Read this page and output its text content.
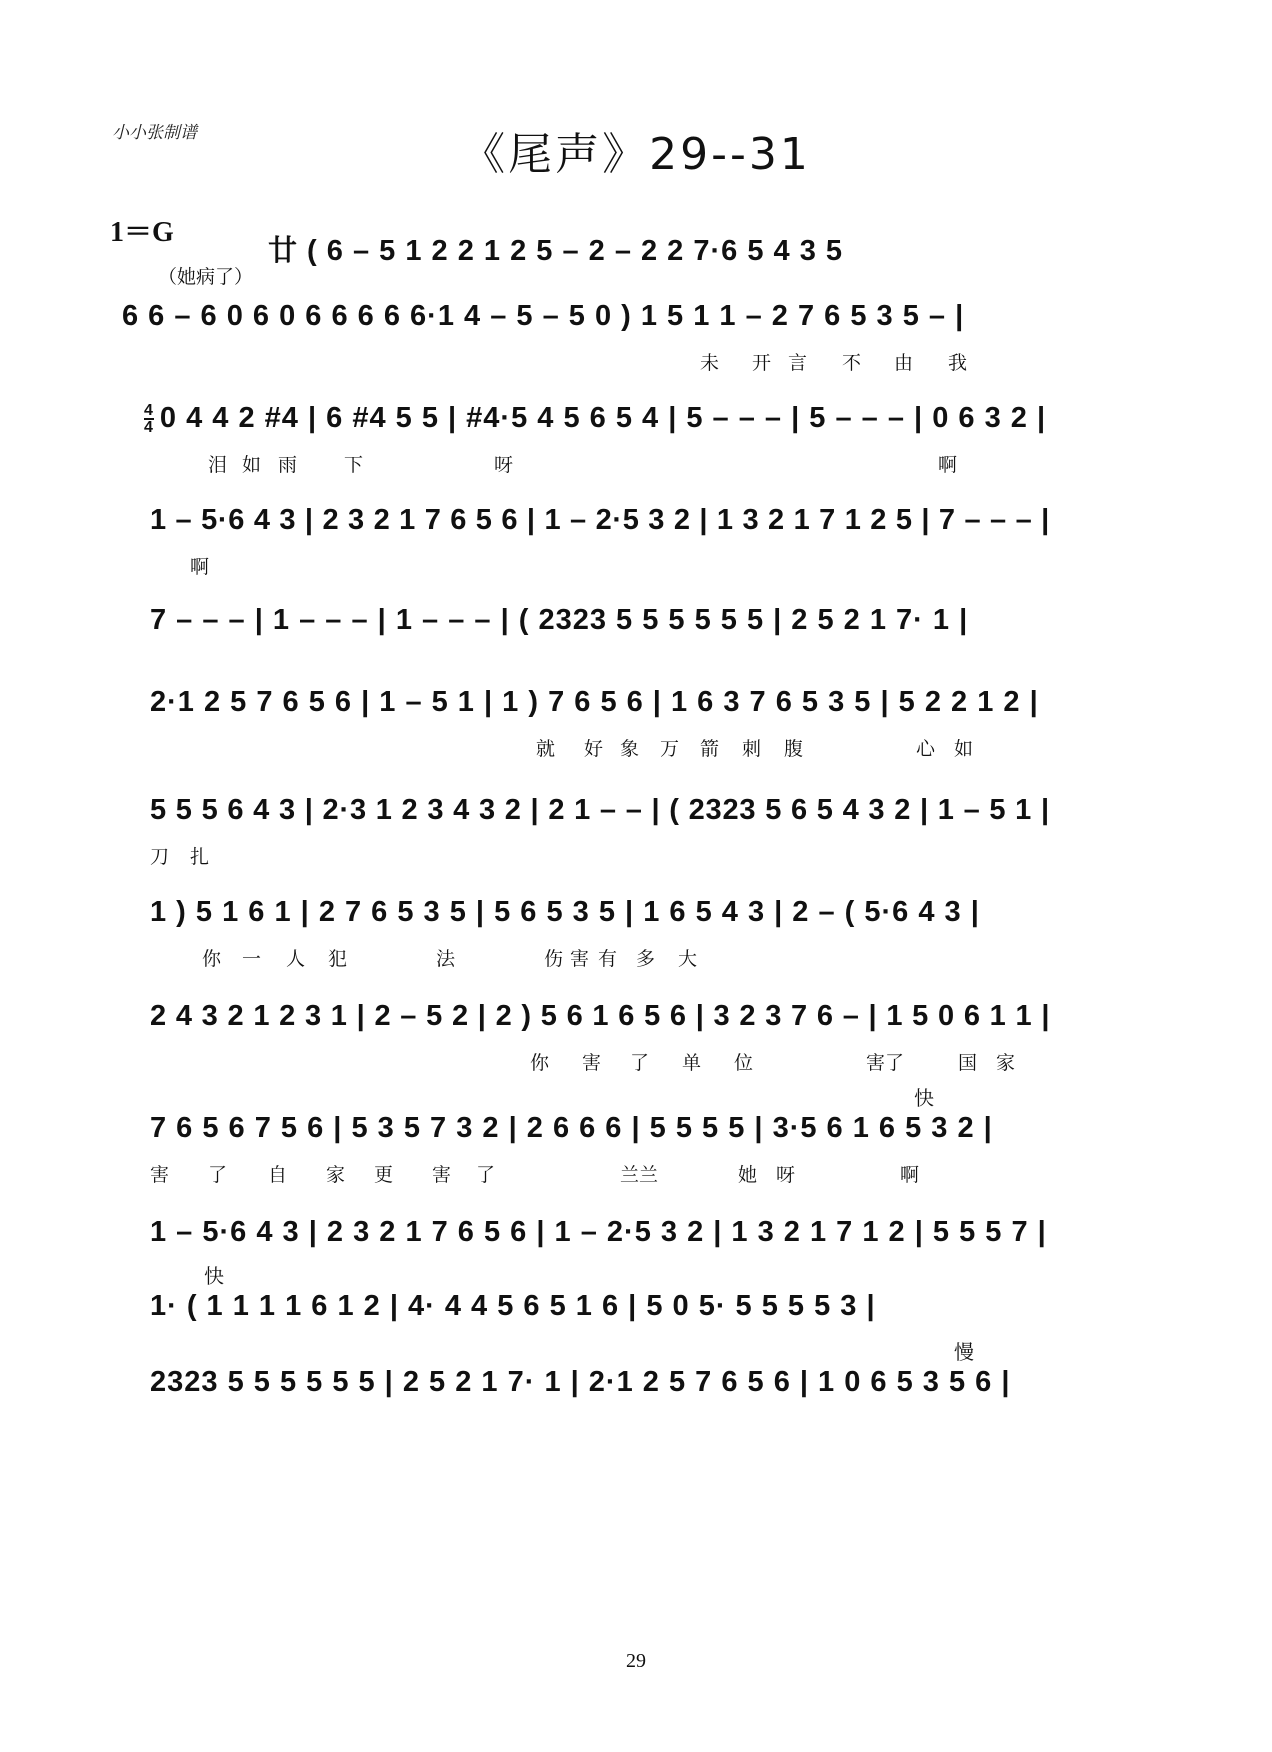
小小张制谱	《尾声》29--31
1＝G
（她病了）
廿 ( 6 – 5 1 2 2 1 2 5 – 2 – 2 2 7·6 5 4 3 5
6 6 – 6 0 6 0 6 6 6 6 6·1 4 – 5 – 5 0 ) 1 5 1 1 – 2 7 6 5 3 5 – |
未 开 言 不 由 我
$\frac{4}{4} 0$ 4 4 2 #4 | 6 #4 5 5 | #4·5 4 5 6 5 4 | 5 – – – | 5 – – – | 0 6 3 2 |
泪 如 雨 下	呀	啊
1 – 5·6 4 3 | 2 3 2 1 7 6 5 6 | 1 – 2·5 3 2 | 1 3 2 1 7 1 2 5 | 7 – – – |
啊
7 – – – | 1 – – – | 1 – – – | ( 2323 5 5 5 5 5 5 | 2 5 2 1 7· 1 |
2·1 2 5 7 6 5 6 | 1 – 5 1 | 1 ) 7 6 5 6 | 1 6 3 7 6 5 3 5 | 5 2 2 1 2 |
就 好 象 万 箭 刺 腹	心 如
5 5 5 6 4 3 | 2·3 1 2 3 4 3 2 | 2 1 – – | ( 2323 5 6 5 4 3 2 | 1 – 5 1 |
刀 扎
1 ) 5 1 6 1 | 2 7 6 5 3 5 | 5 6 5 3 5 | 1 6 5 4 3 | 2 – ( 5·6 4 3 |
你 一 人 犯	法	伤 害 有 多 大
2 4 3 2 1 2 3 1 | 2 – 5 2 | 2 ) 5 6 1 6 5 6 | 3 2 3 7 6 – | 1 5 0 6 1 1 |
你 害 了 单 位	害了	国 家
快
7 6 5 6 7 5 6 | 5 3 5 7 3 2 | 2 6 6 6 | 5 5 5 5 | 3·5 6 1 6 5 3 2 |
害 了 自 家 更 害 了	兰兰	她 呀	啊
1 – 5·6 4 3 | 2 3 2 1 7 6 5 6 | 1 – 2·5 3 2 | 1 3 2 1 7 1 2 | 5 5 5 7 |
快
1· ( 1 1 1 1 6 1 2 | 4· 4 4 5 6 5 1 6 | 5 0 5· 5 5 5 5 3 |
慢
2323 5 5 5 5 5 5 | 2 5 2 1 7· 1 | 2·1 2 5 7 6 5 6 | 1 0 6 5 3 5 6 |
29
